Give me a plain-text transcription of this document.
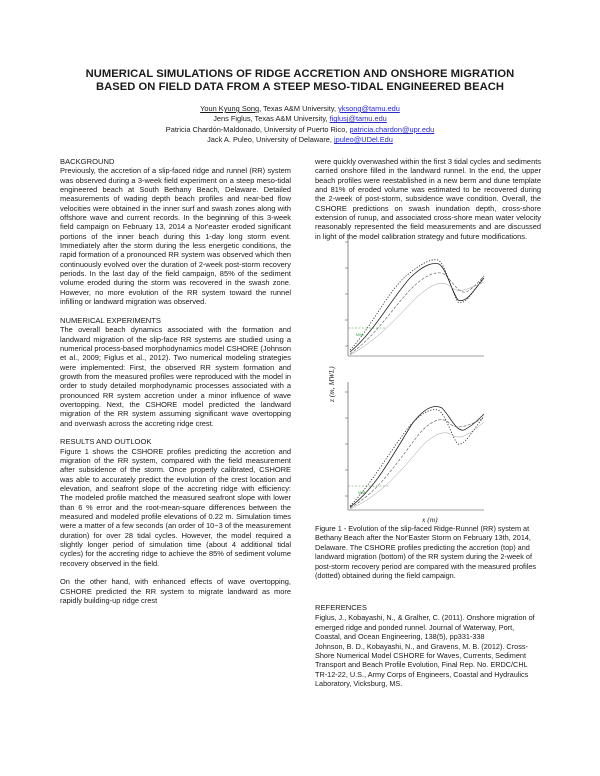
NUMERICAL SIMULATIONS OF RIDGE ACCRETION AND ONSHORE MIGRATION
BASED ON FIELD DATA FROM A STEEP MESO-TIDAL ENGINEERED BEACH
Youn Kyung Song, Texas A&M University, yksong@tamu.edu
Jens Figlus, Texas A&M University, figlusj@tamu.edu
Patricia Chardón-Maldonado, University of Puerto Rico, patricia.chardon@upr.edu
Jack A. Puleo, University of Delaware, jpuleo@UDel.Edu
BACKGROUND

Previously, the accretion of a slip-faced ridge and runnel (RR) system was observed during a 3-week field experiment on a steep meso-tidal engineered beach at South Bethany Beach, Delaware. Detailed measurements of wading depth beach profiles and near-bed flow velocities were obtained in the inner surf and swash zones along with offshore wave and current records. In the beginning of this 3-week field campaign on February 13, 2014 a Nor'easter eroded significant portions of the inner beach during this 1-day long storm event. Immediately after the storm during the less energetic conditions, the rapid formation of a pronounced RR system was observed which then continuously evolved over the duration of 2-week post-storm recovery periods. In the last day of the field campaign, 85% of the sediment volume eroded during the storm was recovered in the swash zone. However, no more evolution of the RR system toward the runnel infilling or landward migration was observed.

NUMERICAL EXPERIMENTS

The overall beach dynamics associated with the formation and landward migration of the slip-face RR systems are studied using a numerical process-based morphodynamics model CSHORE (Johnson et al., 2009; Figlus et al., 2012). Two numerical modeling strategies were implemented: First, the observed RR system formation and growth from the measured profiles were reproduced with the model in order to study detailed morphodynamic processes associated with a pronounced RR system accretion under a minor influence of wave overtopping. Next, the CSHORE model predicted the landward migration of the RR system assuming significant wave overtopping and overwash across the accreting ridge crest.

RESULTS AND OUTLOOK

Figure 1 shows the CSHORE profiles predicting the accretion and migration of the RR system, compared with the field measurement after subsidence of the storm. Once properly calibrated, CSHORE was able to accurately predict the evolution of the crest location and elevation, and seafront slope of the accreting ridge with efficiency: The modeled profile matched the measured seafront slope with lower than 6 % error and the root-mean-square differences between the measured and modeled profile elevations of 0.22 m. Simulation times were a matter of a few seconds (an order of 10−3 of the measurement duration) for over 28 tidal cycles. However, the model required a slightly longer period of simulation time (about 4 additional tidal cycles) for the accreting ridge to achieve the 85% of sediment volume recovery observed in the field.

On the other hand, with enhanced effects of wave overtopping, CSHORE predicted the RR system to migrate landward as more rapidly building-up ridge crest

were quickly overwashed within the first 3 tidal cycles and sediments carried onshore filled in the landward runnel. In the end, the upper beach profiles were reestablished in a new berm and dune template and 81% of eroded volume was estimated to be recovered during the 2-week of post-storm, subsidence wave condition. Overall, the CSHORE predictions on swash inundation depth, cross-shore extension of runup, and associated cross-shore mean water velocity reasonably represented the field measurements and are discussed in light of the model calibration strategy and future modifications.

MWL
z (m, MWL)
MWL
x (m)
Figure 1 - Evolution of the slip-faced Ridge-Runnel (RR) system at Bethany Beach after the Nor'Easter Storm on February 13th, 2014, Delaware. The CSHORE profiles predicting the accretion (top) and landward migration (bottom) of the RR system during the 2-week of post-storm recovery period are compared with the measured profiles (dotted) obtained during the field campaign.
REFERENCES

Figlus, J., Kobayashi, N., & Gralher, C. (2011). Onshore migration of emerged ridge and ponded runnel. Journal of Waterway, Port, Coastal, and Ocean Engineering, 138(5), pp331-338

Johnson, B. D., Kobayashi, N., and Gravens, M. B. (2012). Cross-Shore Numerical Model CSHORE for Waves, Currents, Sediment Transport and Beach Profile Evolution, Final Rep. No. ERDC/CHL TR-12-22, U.S., Army Corps of Engineers, Coastal and Hydraulics Laboratory, Vicksburg, MS.
